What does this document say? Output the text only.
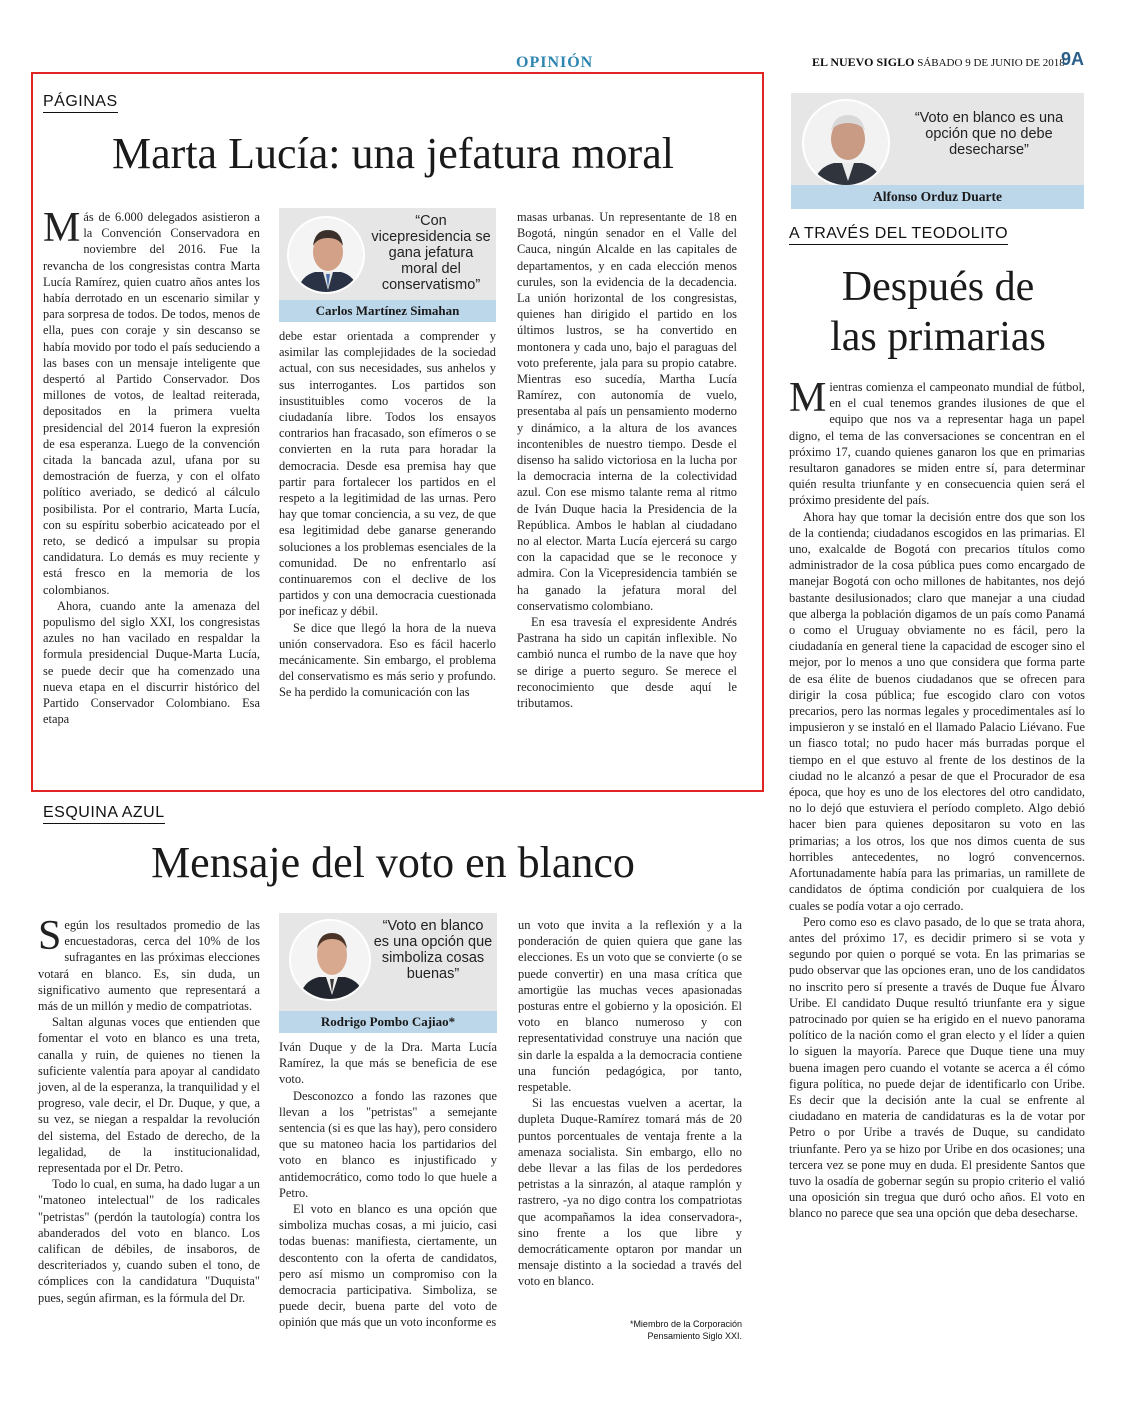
OPINIÓN	EL NUEVO SIGLO SÁBADO 9 DE JUNIO DE 2018
9A
PÁGINAS
Marta Lucía: una jefatura moral

Más de 6.000 delegados asistieron a la Convención Conservadora en noviembre del 2016. Fue la revancha de los congresistas contra Marta Lucía Ramírez, quien cuatro años antes los había derrotado en un escenario similar y para sorpresa de todos. De todos, menos de ella, pues con coraje y sin descanso se había movido por todo el país seduciendo a las bases con un mensaje inteligente que despertó al Partido Conservador. Dos millones de votos, de lealtad reiterada, depositados en la primera vuelta presidencial del 2014 fueron la expresión de esa esperanza. Luego de la convención citada la bancada azul, ufana por su demostración de fuerza, y con el olfato político averiado, se dedicó al cálculo posibilista. Por el contrario, Marta Lucía, con su espíritu soberbio acicateado por el reto, se dedicó a impulsar su propia candidatura. Lo demás es muy reciente y está fresco en la memoria de los colombianos.

Ahora, cuando ante la amenaza del populismo del siglo XXI, los congresistas azules no han vacilado en respaldar la formula presidencial Duque-Marta Lucía, se puede decir que ha comenzado una nueva etapa en el discurrir histórico del Partido Conservador Colombiano. Esa etapa

“Con vicepresidencia se gana jefatura moral del conservatismo”
Carlos Martínez Simahan

debe estar orientada a comprender y asimilar las complejidades de la sociedad actual, con sus necesidades, sus anhelos y sus interrogantes. Los partidos son insustituibles como voceros de la ciudadanía libre. Todos los ensayos contrarios han fracasado, son efímeros o se convierten en la ruta para horadar la democracia. Desde esa premisa hay que partir para fortalecer los partidos en el respeto a la legitimidad de las urnas. Pero hay que tomar conciencia, a su vez, de que esa legitimidad debe ganarse generando soluciones a los problemas esenciales de la comunidad. De no enfrentarlo así continuaremos con el declive de los partidos y con una democracia cuestionada por ineficaz y débil.

Se dice que llegó la hora de la nueva unión conservadora. Eso es fácil hacerlo mecánicamente. Sin embargo, el problema del conservatismo es más serio y profundo. Se ha perdido la comunicación con las

masas urbanas. Un representante de 18 en Bogotá, ningún senador en el Valle del Cauca, ningún Alcalde en las capitales de departamentos, y en cada elección menos curules, son la evidencia de la decadencia. La unión horizontal de los congresistas, quienes han dirigido el partido en los últimos lustros, se ha convertido en montonera y cada uno, bajo el paraguas del voto preferente, jala para su propio catabre. Mientras eso sucedía, Martha Lucía Ramírez, con autonomía de vuelo, presentaba al país un pensamiento moderno y dinámico, a la altura de los avances incontenibles de nuestro tiempo. Desde el disenso ha salido victoriosa en la lucha por la democracia interna de la colectividad azul. Con ese mismo talante rema al ritmo de Iván Duque hacia la Presidencia de la República. Ambos le hablan al ciudadano no al elector. Marta Lucía ejercerá su cargo con la capacidad que se le reconoce y admira. Con la Vicepresidencia también se ha ganado la jefatura moral del conservatismo colombiano.

En esa travesía el expresidente Andrés Pastrana ha sido un capitán inflexible. No cambió nunca el rumbo de la nave que hoy se dirige a puerto seguro. Se merece el reconocimiento que desde aquí le tributamos.

ESQUINA AZUL
Mensaje del voto en blanco

Según los resultados promedio de las encuestadoras, cerca del 10% de los sufragantes en las próximas elecciones votará en blanco. Es, sin duda, un significativo aumento que representará a más de un millón y medio de compatriotas.

Saltan algunas voces que entienden que fomentar el voto en blanco es una treta, canalla y ruin, de quienes no tienen la suficiente valentía para apoyar al candidato joven, al de la esperanza, la tranquilidad y el progreso, vale decir, el Dr. Duque, y que, a su vez, se niegan a respaldar la revolución del sistema, del Estado de derecho, de la legalidad, de la institucionalidad, representada por el Dr. Petro.

Todo lo cual, en suma, ha dado lugar a un "matoneo intelectual" de los radicales "petristas" (perdón la tautología) contra los abanderados del voto en blanco. Los califican de débiles, de insaboros, de descriteriados y, cuando suben el tono, de cómplices con la candidatura "Duquista" pues, según afirman, es la fórmula del Dr.

“Voto en blanco es una opción que simboliza cosas buenas”
Rodrigo Pombo Cajiao*

Iván Duque y de la Dra. Marta Lucía Ramírez, la que más se beneficia de ese voto.

Desconozco a fondo las razones que llevan a los "petristas" a semejante sentencia (si es que las hay), pero considero que su matoneo hacia los partidarios del voto en blanco es injustificado y antidemocrático, como todo lo que huele a Petro.

El voto en blanco es una opción que simboliza muchas cosas, a mi juicio, casi todas buenas: manifiesta, ciertamente, un descontento con la oferta de candidatos, pero así mismo un compromiso con la democracia participativa. Simboliza, se puede decir, buena parte del voto de opinión que más que un voto inconforme es

un voto que invita a la reflexión y a la ponderación de quien quiera que gane las elecciones. Es un voto que se convierte (o se puede convertir) en una masa crítica que amortigüe las muchas veces apasionadas posturas entre el gobierno y la oposición. El voto en blanco numeroso y con representatividad construye una nación que sin darle la espalda a la democracia contiene una función pedagógica, por tanto, respetable.

Si las encuestas vuelven a acertar, la dupleta Duque-Ramírez tomará más de 20 puntos porcentuales de ventaja frente a la amenaza socialista. Sin embargo, ello no debe llevar a las filas de los perdedores petristas a la sinrazón, al ataque ramplón y rastrero, -ya no digo contra los compatriotas que acompañamos la idea conservadora-, sino frente a los que libre y democráticamente optaron por mandar un mensaje distinto a la sociedad a través del voto en blanco.

*Miembro de la Corporación
Pensamiento Siglo XXI.
“Voto en blanco es una opción que no debe desecharse”
Alfonso Orduz Duarte
A TRAVÉS DEL TEODOLITO
Después de
las primarias

Mientras comienza el campeonato mundial de fútbol, en el cual tenemos grandes ilusiones de que el equipo que nos va a representar haga un papel digno, el tema de las conversaciones se concentran en el próximo 17, cuando quienes ganaron los que en primarias resultaron ganadores se miden entre sí, para determinar quién resulta triunfante y en consecuencia quien será el próximo presidente del país.

Ahora hay que tomar la decisión entre dos que son los de la contienda; ciudadanos escogidos en las primarias. El uno, exalcalde de Bogotá con precarios títulos como administrador de la cosa pública pues como encargado de manejar Bogotá con ocho millones de habitantes, nos dejó bastante desilusionados; claro que manejar a una ciudad que alberga la población digamos de un país como Panamá o como el Uruguay obviamente no es fácil, pero la ciudadanía en general tiene la capacidad de escoger sino el mejor, por lo menos a uno que considera que forma parte de esa élite de buenos ciudadanos que se ofrecen para dirigir la cosa pública; fue escogido claro con votos precarios, pero las normas legales y procedimentales así lo impusieron y se instaló en el llamado Palacio Liévano. Fue un fiasco total; no pudo hacer más burradas porque el tiempo en el que estuvo al frente de los destinos de la ciudad no le alcanzó a pesar de que el Procurador de esa época, que hoy es uno de los electores del otro candidato, no lo dejó que estuviera el período completo. Algo debió hacer bien para quienes depositaron su voto en las primarias; a los otros, los que nos dimos cuenta de sus horribles antecedentes, no logró convencernos. Afortunadamente había para las primarias, un ramillete de candidatos de óptima condición por cualquiera de los cuales se podía votar a ojo cerrado.

Pero como eso es clavo pasado, de lo que se trata ahora, antes del próximo 17, es decidir primero si se vota y segundo por quien o porqué se vota. En las primarias se pudo observar que las opciones eran, uno de los candidatos no inscrito pero sí presente a través de Duque fue Álvaro Uribe. El candidato Duque resultó triunfante era y sigue patrocinado por quien se ha erigido en el nuevo panorama político de la nación como el gran electo y el líder a quien lo siguen la mayoría. Parece que Duque tiene una muy buena imagen pero cuando el votante se acerca a él cómo figura política, no puede dejar de identificarlo con Uribe. Es decir que la decisión ante la cual se enfrente al ciudadano en materia de candidaturas es la de votar por Petro o por Uribe a través de Duque, su candidato triunfante. Pero ya se hizo por Uribe en dos ocasiones; una tercera vez se pone muy en duda. El presidente Santos que tuvo la osadía de gobernar según su propio criterio el valió una oposición sin tregua que duró ocho años. El voto en blanco no parece que sea una opción que deba desecharse.
